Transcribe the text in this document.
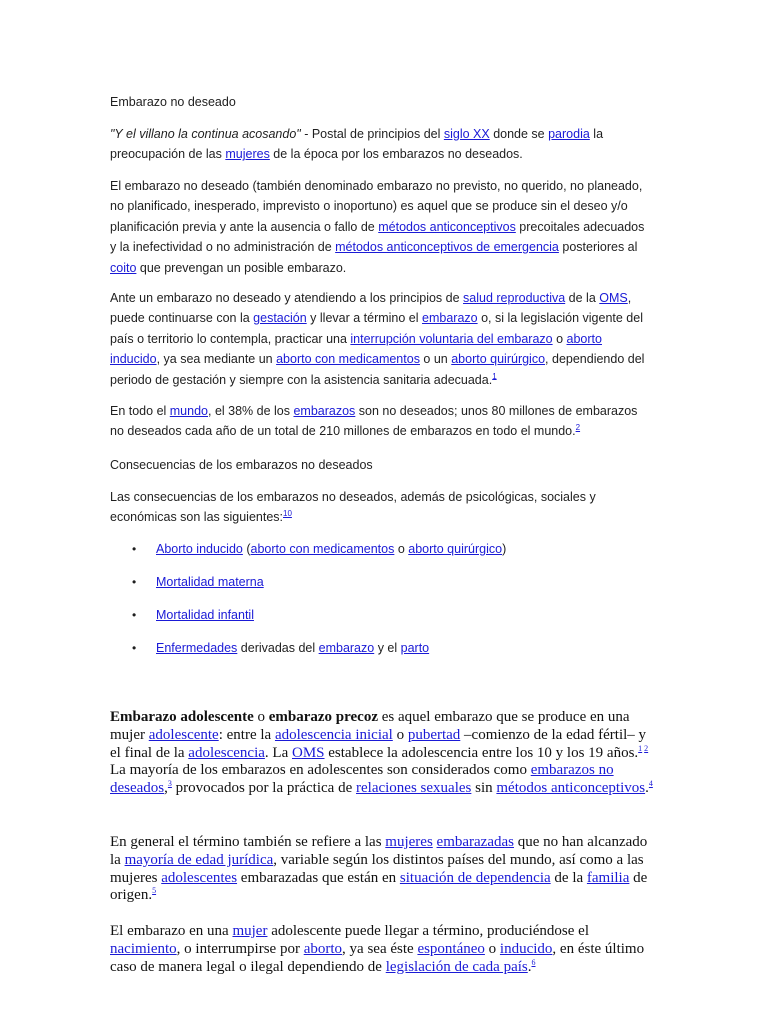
Embarazo no deseado

"Y el villano la continua acosando" - Postal de principios del siglo XX donde se parodia la preocupación de las mujeres de la época por los embarazos no deseados.

El embarazo no deseado (también denominado embarazo no previsto, no querido, no planeado, no planificado, inesperado, imprevisto o inoportuno) es aquel que se produce sin el deseo y/o planificación previa y ante la ausencia o fallo de métodos anticonceptivos precoitales adecuados y la inefectividad o no administración de métodos anticonceptivos de emergencia posteriores al coito que prevengan un posible embarazo.

Ante un embarazo no deseado y atendiendo a los principios de salud reproductiva de la OMS, puede continuarse con la gestación y llevar a término el embarazo o, si la legislación vigente del país o territorio lo contempla, practicar una interrupción voluntaria del embarazo o aborto inducido, ya sea mediante un aborto con medicamentos o un aborto quirúrgico, dependiendo del periodo de gestación y siempre con la asistencia sanitaria adecuada.$^1$

En todo el mundo, el 38% de los embarazos son no deseados; unos 80 millones de embarazos no deseados cada año de un total de 210 millones de embarazos en todo el mundo.$^2$

Consecuencias de los embarazos no deseados

Las consecuencias de los embarazos no deseados, además de psicológicas, sociales y económicas son las siguientes:$^{10}$

• Aborto inducido (aborto con medicamentos o aborto quirúrgico)
• Mortalidad materna
• Mortalidad infantil
• Enfermedades derivadas del embarazo y el parto

Embarazo adolescente o embarazo precoz es aquel embarazo que se produce en una mujer adolescente: entre la adolescencia inicial o pubertad –comienzo de la edad fértil– y el final de la adolescencia. La OMS establece la adolescencia entre los 10 y los 19 años.$^{1 2}$ La mayoría de los embarazos en adolescentes son considerados como embarazos no deseados,$^3$ provocados por la práctica de relaciones sexuales sin métodos anticonceptivos.$^4$

En general el término también se refiere a las mujeres embarazadas que no han alcanzado la mayoría de edad jurídica, variable según los distintos países del mundo, así como a las mujeres adolescentes embarazadas que están en situación de dependencia de la familia de origen.$^5$

El embarazo en una mujer adolescente puede llegar a término, produciéndose el nacimiento, o interrumpirse por aborto, ya sea éste espontáneo o inducido, en éste último caso de manera legal o ilegal dependiendo de legislación de cada país.$^6$
